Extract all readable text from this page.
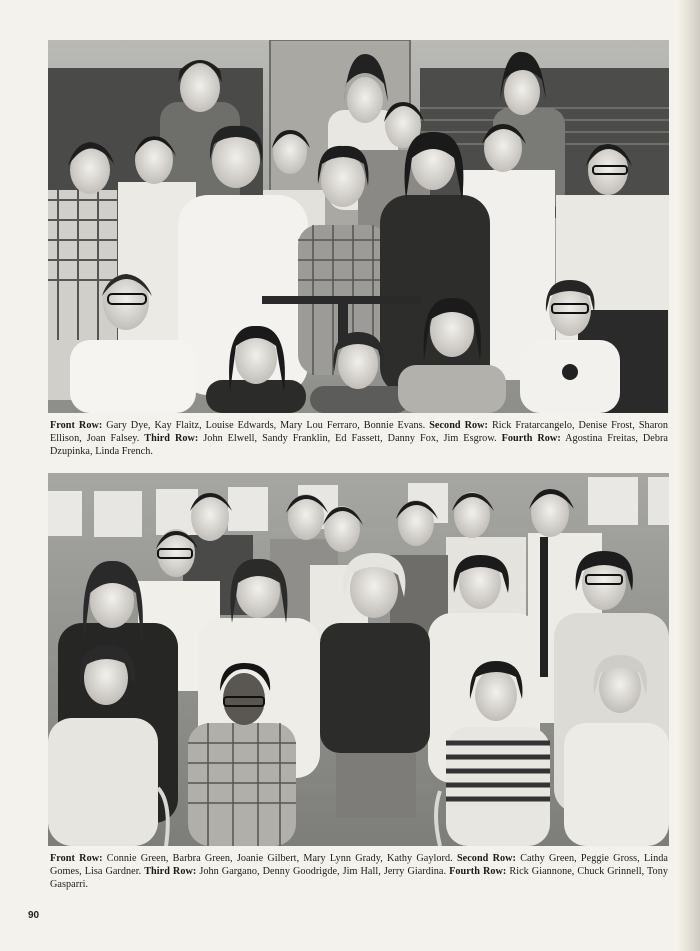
Front Row: Gary Dye, Kay Flaitz, Louise Edwards, Mary Lou Ferraro, Bonnie Evans. Second Row: Rick Fratarcangelo, Denise Frost, Sharon Ellison, Joan Falsey. Third Row: John Elwell, Sandy Franklin, Ed Fassett, Danny Fox, Jim Esgrow. Fourth Row: Agostina Freitas, Debra Dzupinka, Linda French.
Front Row: Connie Green, Barbra Green, Joanie Gilbert, Mary Lynn Grady, Kathy Gaylord. Second Row: Cathy Green, Peggie Gross, Linda Gomes, Lisa Gardner. Third Row: John Gargano, Denny Goodrigde, Jim Hall, Jerry Giardina. Fourth Row: Rick Giannone, Chuck Grinnell, Tony Gasparri.
90
